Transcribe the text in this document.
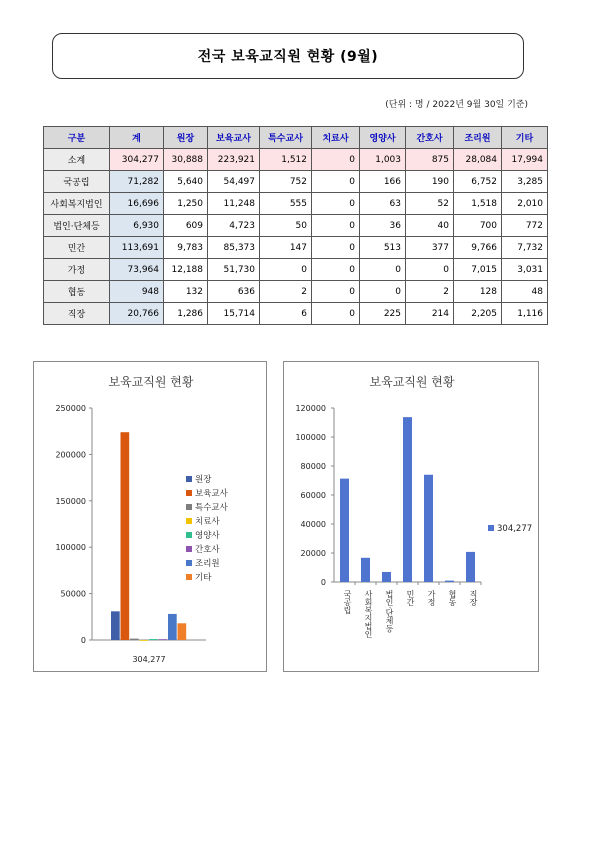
전국 보육교직원 현황 (9월)
(단위 : 명 / 2022년 9월 30일 기준)
구분	계	원장	보육교사	특수교사	치료사	영양사	간호사	조리원	기타
소계	304,277	30,888	223,921	1,512	0	1,003	875	28,084	17,994
국공립	71,282	5,640	54,497	752	0	166	190	6,752	3,285
사회복지법인	16,696	1,250	11,248	555	0	63	52	1,518	2,010
법인·단체등	6,930	609	4,723	50	0	36	40	700	772
민간	113,691	9,783	85,373	147	0	513	377	9,766	7,732
가정	73,964	12,188	51,730	0	0	0	0	7,015	3,031
협동	948	132	636	2	0	0	2	128	48
직장	20,766	1,286	15,714	6	0	225	214	2,205	1,116
보육교직원 현황
0
50000
100000
150000
200000
250000
304,277
원장
보육교사
특수교사
치료사
영양사
간호사
조리원
기타
보육교직원 현황
0
20000
40000
60000
80000
100000
120000
국공립 사회복지법인 법인·단체등 민간 가정 협동 직장
304,277
